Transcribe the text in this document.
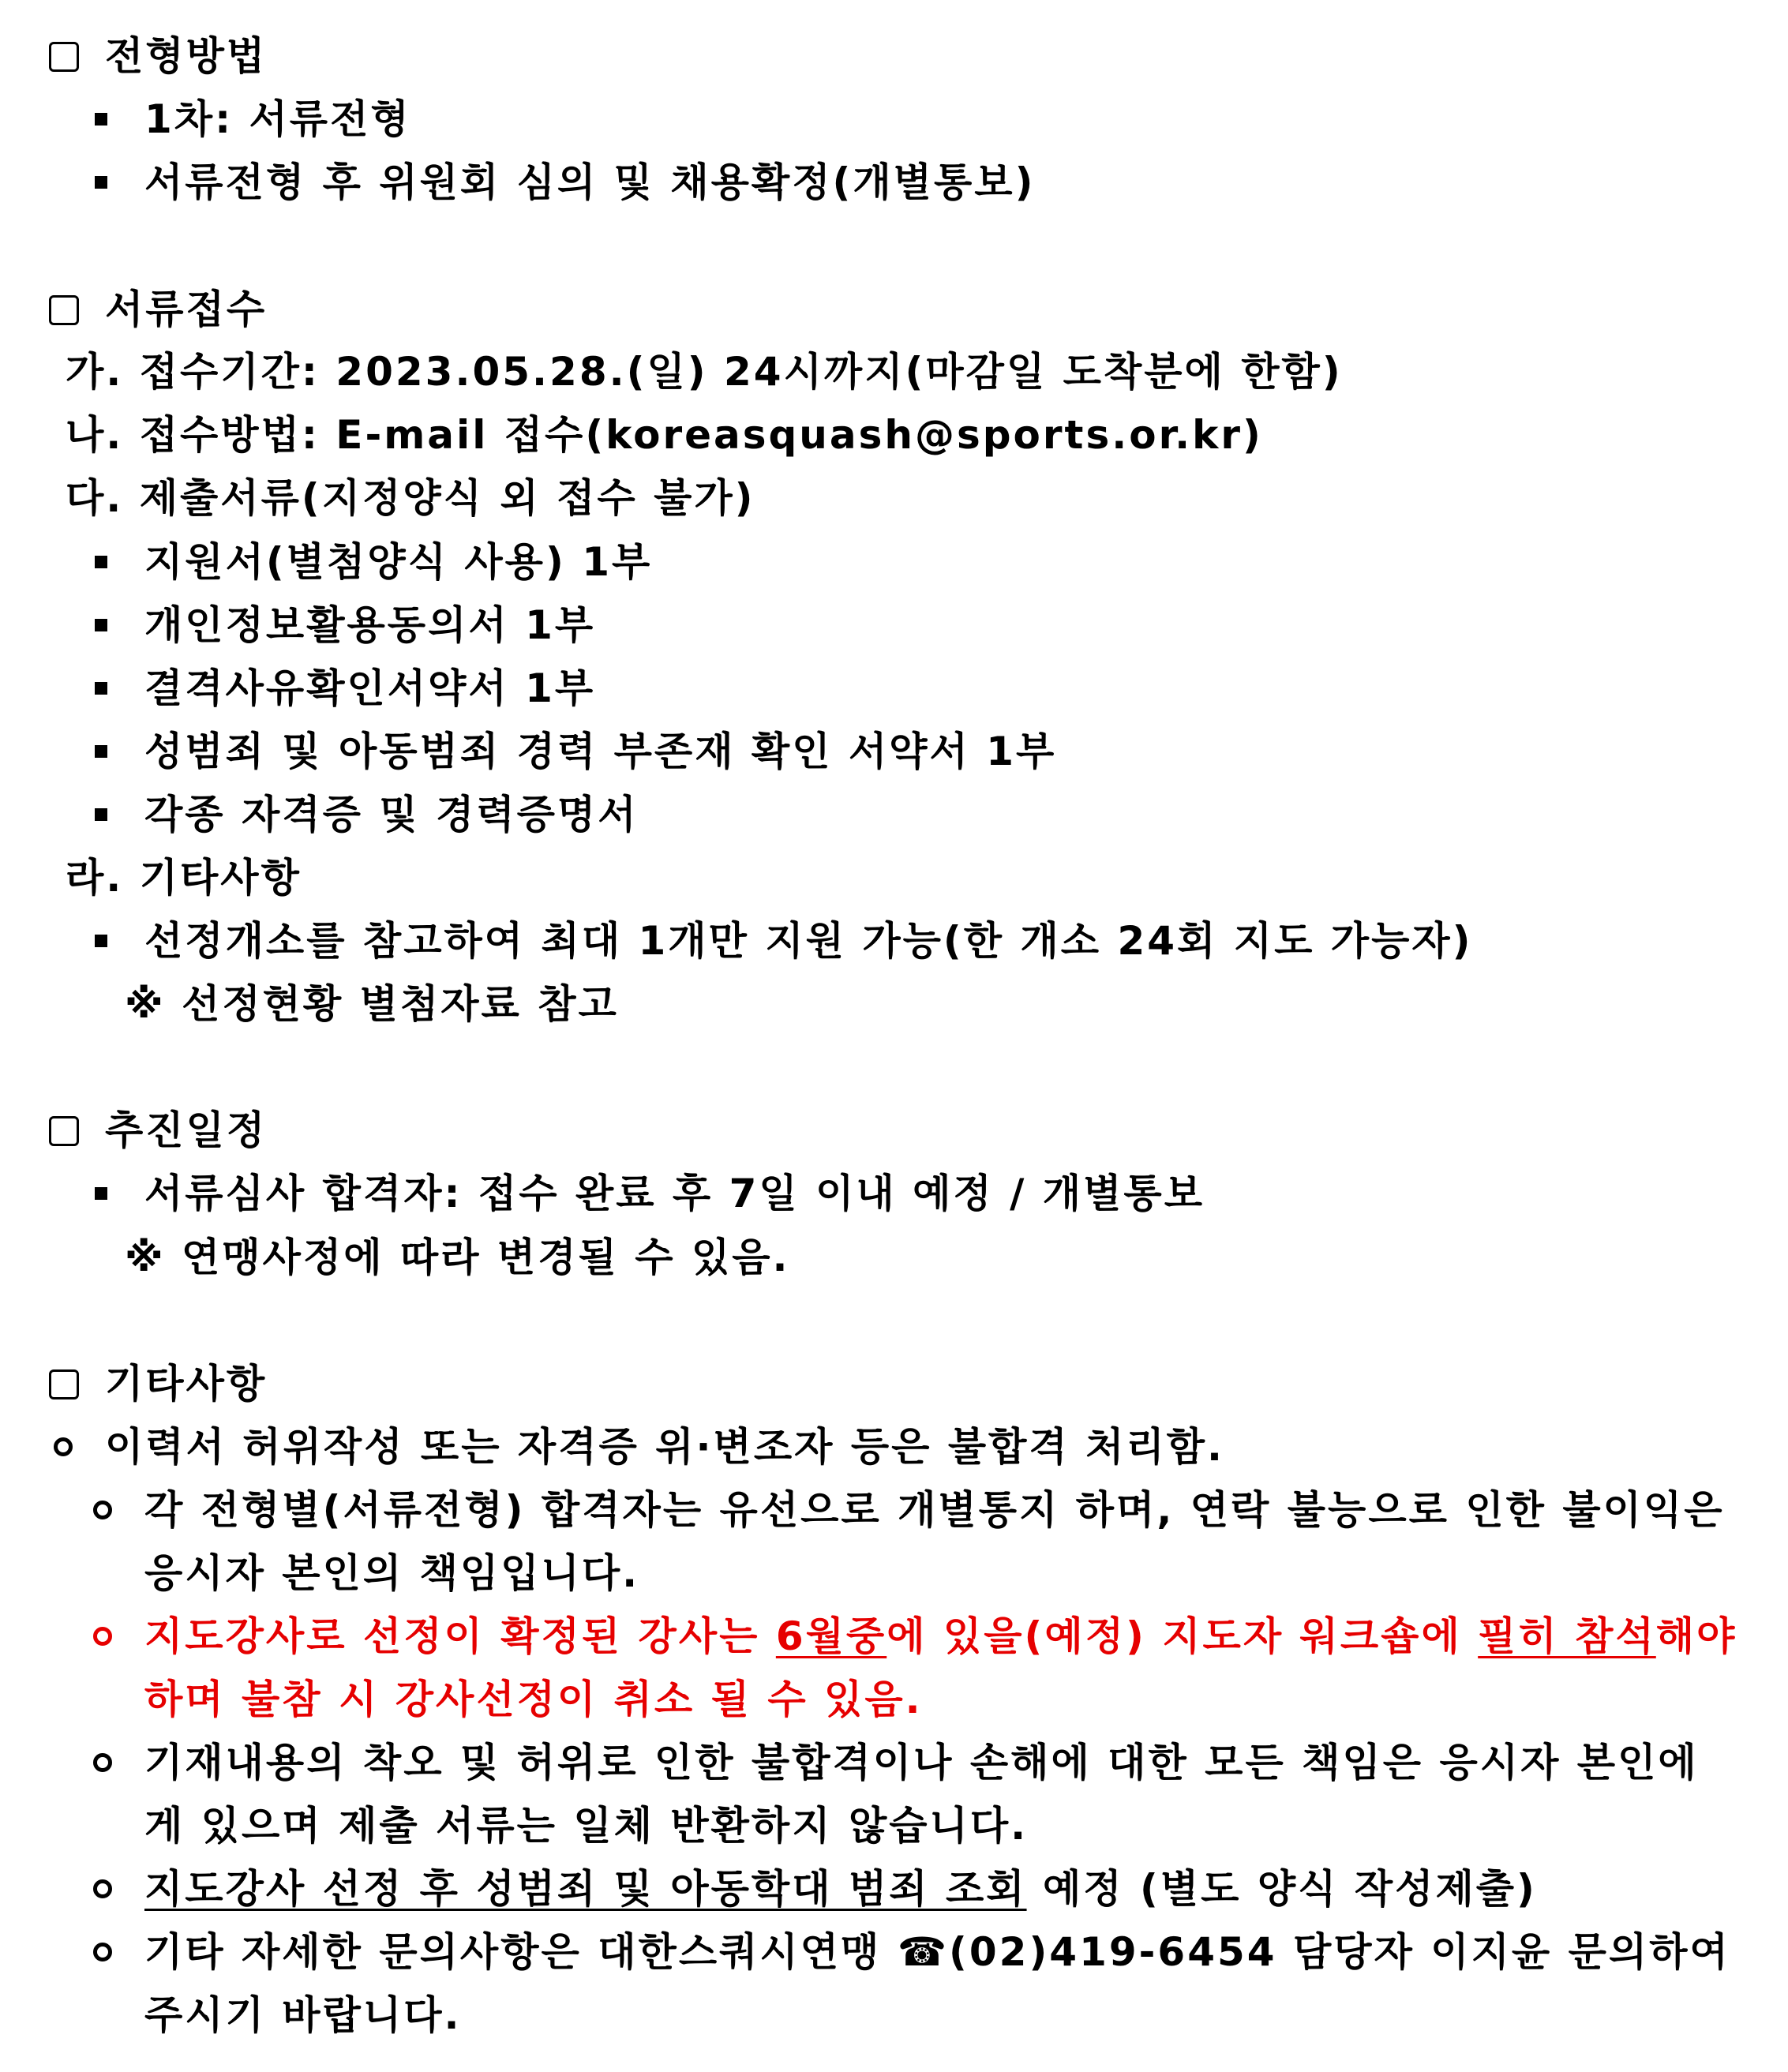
전형방법
1차: 서류전형
서류전형 후 위원회 심의 및 채용확정(개별통보)
서류접수
가. 접수기간: 2023.05.28.(일) 24시까지(마감일 도착분에 한함)
나. 접수방법: E-mail 접수(koreasquash@sports.or.kr)
다. 제출서류(지정양식 외 접수 불가)
지원서(별첨양식 사용) 1부
개인정보활용동의서 1부
결격사유확인서약서 1부
성범죄 및 아동범죄 경력 부존재 확인 서약서 1부
각종 자격증 및 경력증명서
라. 기타사항
선정개소를 참고하여 최대 1개만 지원 가능(한 개소 24회 지도 가능자)
※ 선정현황 별첨자료 참고
추진일정
서류심사 합격자: 접수 완료 후 7일 이내 예정 / 개별통보
※ 연맹사정에 따라 변경될 수 있음.
기타사항
이력서 허위작성 또는 자격증 위·변조자 등은 불합격 처리함.
각 전형별(서류전형) 합격자는 유선으로 개별통지 하며, 연락 불능으로 인한 불이익은
응시자 본인의 책임입니다.
지도강사로 선정이 확정된 강사는 6월중에 있을(예정) 지도자 워크숍에 필히 참석해야
하며 불참 시 강사선정이 취소 될 수 있음.
기재내용의 착오 및 허위로 인한 불합격이나 손해에 대한 모든 책임은 응시자 본인에
게 있으며 제출 서류는 일체 반환하지 않습니다.
지도강사 선정 후 성범죄 및 아동학대 범죄 조회 예정 (별도 양식 작성제출)
기타 자세한 문의사항은 대한스쿼시연맹 ☎(02)419-6454 담당자 이지윤 문의하여
주시기 바랍니다.
